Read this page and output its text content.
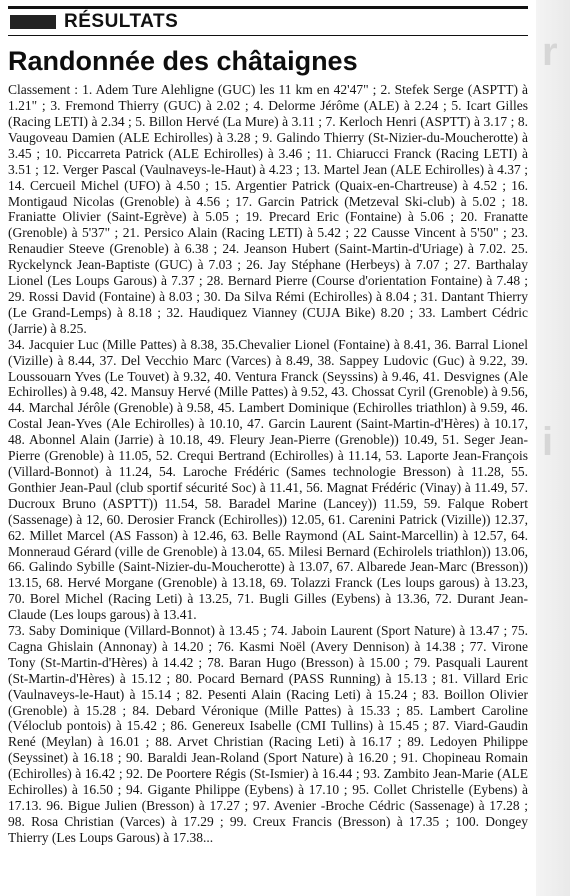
r
i
RÉSULTATS
Randonnée des châtaignes

Classement : 1. Adem Ture Alehligne (GUC) les 11 km en 42'47" ; 2. Stefek Serge (ASPTT) à 1.21" ; 3. Fremond Thierry (GUC) à 2.02 ; 4. Delorme Jérôme (ALE) à 2.24 ; 5. Icart Gilles (Racing LETI) à 2.34 ; 5. Billon Hervé (La Mure) à 3.11 ; 7. Kerloch Henri (ASPTT) à 3.17 ; 8. Vaugoveau Damien (ALE Echirolles) à 3.28 ; 9. Galindo Thierry (St-Nizier-du-Moucherotte) à 3.45 ; 10. Piccarreta Patrick (ALE Echirolles) à 3.46 ; 11. Chiarucci Franck (Racing LETI) à 3.51 ; 12. Verger Pascal (Vaulnaveys-le-Haut) à 4.23 ; 13. Martel Jean (ALE Echirolles) à 4.37 ; 14. Cercueil Michel (UFO) à 4.50 ; 15. Argentier Patrick (Quaix-en-Chartreuse) à 4.52 ; 16. Montigaud Nicolas (Grenoble) à 4.56 ; 17. Garcin Patrick (Metzeval Ski-club) à 5.02 ; 18. Franiatte Olivier (Saint-Egrève) à 5.05 ; 19. Precard Eric (Fontaine) à 5.06 ; 20. Franatte (Grenoble) à 5'37" ; 21. Persico Alain (Racing LETI) à 5.42 ; 22 Causse Vincent à 5'50" ; 23. Renaudier Steeve (Grenoble) à 6.38 ; 24. Jeanson Hubert (Saint-Martin-d'Uriage) à 7.02. 25. Ryckelynck Jean-Baptiste (GUC) à 7.03 ; 26. Jay Stéphane (Herbeys) à 7.07 ; 27. Barthalay Lionel (Les Loups Garous) à 7.37 ; 28. Bernard Pierre (Course d'orientation Fontaine) à 7.48 ; 29. Rossi David (Fontaine) à 8.03 ; 30. Da Silva Rémi (Echirolles) à 8.04 ; 31. Dantant Thierry (Le Grand-Lemps) à 8.18 ; 32. Haudiquez Vianney (CUJA Bike) 8.20 ; 33. Lambert Cédric (Jarrie) à 8.25.

34. Jacquier Luc (Mille Pattes) à 8.38, 35.Chevalier Lionel (Fontaine) à 8.41, 36. Barral Lionel (Vizille) à 8.44, 37. Del Vecchio Marc (Varces) à 8.49, 38. Sappey Ludovic (Guc) à 9.22, 39. Loussouarn Yves (Le Touvet) à 9.32, 40. Ventura Franck (Seyssins) à 9.46, 41. Desvignes (Ale Echirolles) à 9.48, 42. Mansuy Hervé (Mille Pattes) à 9.52, 43. Chossat Cyril (Grenoble) à 9.56, 44. Marchal Jérôle (Grenoble) à 9.58, 45. Lambert Dominique (Echirolles triathlon) à 9.59, 46. Costal Jean-Yves (Ale Echirolles) à 10.10, 47. Garcin Laurent (Saint-Martin-d'Hères) à 10.17, 48. Abonnel Alain (Jarrie) à 10.18, 49. Fleury Jean-Pierre (Grenoble)) 10.49, 51. Seger Jean-Pierre (Grenoble) à 11.05, 52. Crequi Bertrand (Echirolles) à 11.14, 53. Laporte Jean-François (Villard-Bonnot) à 11.24, 54. Laroche Frédéric (Sames technologie Bresson) à 11.28, 55. Gonthier Jean-Paul (club sportif sécurité Soc) à 11.41, 56. Magnat Frédéric (Vinay) à 11.49, 57. Ducroux Bruno (ASPTT)) 11.54, 58. Baradel Marine (Lancey)) 11.59, 59. Falque Robert (Sassenage) à 12, 60. Derosier Franck (Echirolles)) 12.05, 61. Carenini Patrick (Vizille)) 12.37, 62. Millet Marcel (AS Fasson) à 12.46, 63. Belle Raymond (AL Saint-Marcellin) à 12.57, 64. Monneraud Gérard (ville de Grenoble) à 13.04, 65. Milesi Bernard (Echirolels triathlon)) 13.06, 66. Galindo Sybille (Saint-Nizier-du-Moucherotte) à 13.07, 67. Albarede Jean-Marc (Bresson)) 13.15, 68. Hervé Morgane (Grenoble) à 13.18, 69. Tolazzi Franck (Les loups garous) à 13.23, 70. Borel Michel (Racing Leti) à 13.25, 71. Bugli Gilles (Eybens) à 13.36, 72. Durant Jean-Claude (Les loups garous) à 13.41.

73. Saby Dominique (Villard-Bonnot) à 13.45 ; 74. Jaboin Laurent (Sport Nature) à 13.47 ; 75. Cagna Ghislain (Annonay) à 14.20 ; 76. Kasmi Noël (Avery Dennison) à 14.38 ; 77. Virone Tony (St-Martin-d'Hères) à 14.42 ; 78. Baran Hugo (Bresson) à 15.00 ; 79. Pasquali Laurent (St-Martin-d'Hères) à 15.12 ; 80. Pocard Bernard (PASS Running) à 15.13 ; 81. Villard Eric (Vaulnaveys-le-Haut) à 15.14 ; 82. Pesenti Alain (Racing Leti) à 15.24 ; 83. Boillon Olivier (Grenoble) à 15.28 ; 84. Debard Véronique (Mille Pattes) à 15.33 ; 85. Lambert Caroline (Véloclub pontois) à 15.42 ; 86. Genereux Isabelle (CMI Tullins) à 15.45 ; 87. Viard-Gaudin René (Meylan) à 16.01 ; 88. Arvet Christian (Racing Leti) à 16.17 ; 89. Ledoyen Philippe (Seyssinet) à 16.18 ; 90. Baraldi Jean-Roland (Sport Nature) à 16.20 ; 91. Chopineau Romain (Echirolles) à 16.42 ; 92. De Poortere Régis (St-Ismier) à 16.44 ; 93. Zambito Jean-Marie (ALE Echirolles) à 16.50 ; 94. Gigante Philippe (Eybens) à 17.10 ; 95. Collet Christelle (Eybens) à 17.13. 96. Bigue Julien (Bresson) à 17.27 ; 97. Avenier -Broche Cédric (Sassenage) à 17.28 ; 98. Rosa Christian (Varces) à 17.29 ; 99. Creux Francis (Bresson) à 17.35 ; 100. Dongey Thierry (Les Loups Garous) à 17.38...
